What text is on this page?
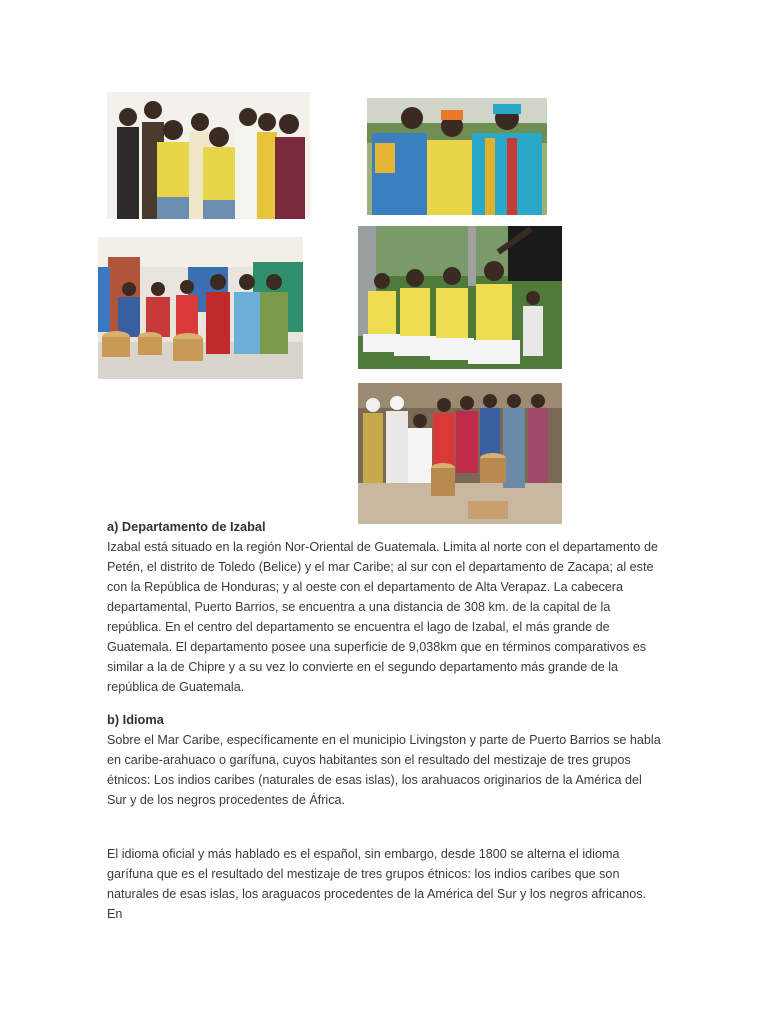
a) Departamento de Izabal

Izabal está situado en la región Nor-Oriental de Guatemala. Limita al norte con el departamento de Petén, el distrito de Toledo (Belice) y el mar Caribe; al sur con el departamento de Zacapa; al este con la República de Honduras; y al oeste con el departamento de Alta Verapaz. La cabecera departamental, Puerto Barrios, se encuentra a una distancia de 308 km. de la capital de la república. En el centro del departamento se encuentra el lago de Izabal, el más grande de Guatemala. El departamento posee una superficie de 9,038km que en términos comparativos es similar a la de Chipre y a su vez lo convierte en el segundo departamento más grande de la república de Guatemala.

b) Idioma

Sobre el Mar Caribe, específicamente en el municipio Livingston y parte de Puerto Barrios se habla en caribe-arahuaco o garífuna, cuyos habitantes son el resultado del mestizaje de tres grupos étnicos: Los indios caribes (naturales de esas islas), los arahuacos originarios de la América del Sur y de los negros procedentes de África.

El idioma oficial y más hablado es el español, sin embargo, desde 1800 se alterna el idioma garífuna que es el resultado del mestizaje de tres grupos étnicos: los indios caribes que son naturales de esas islas, los araguacos procedentes de la América del Sur y los negros africanos. En
